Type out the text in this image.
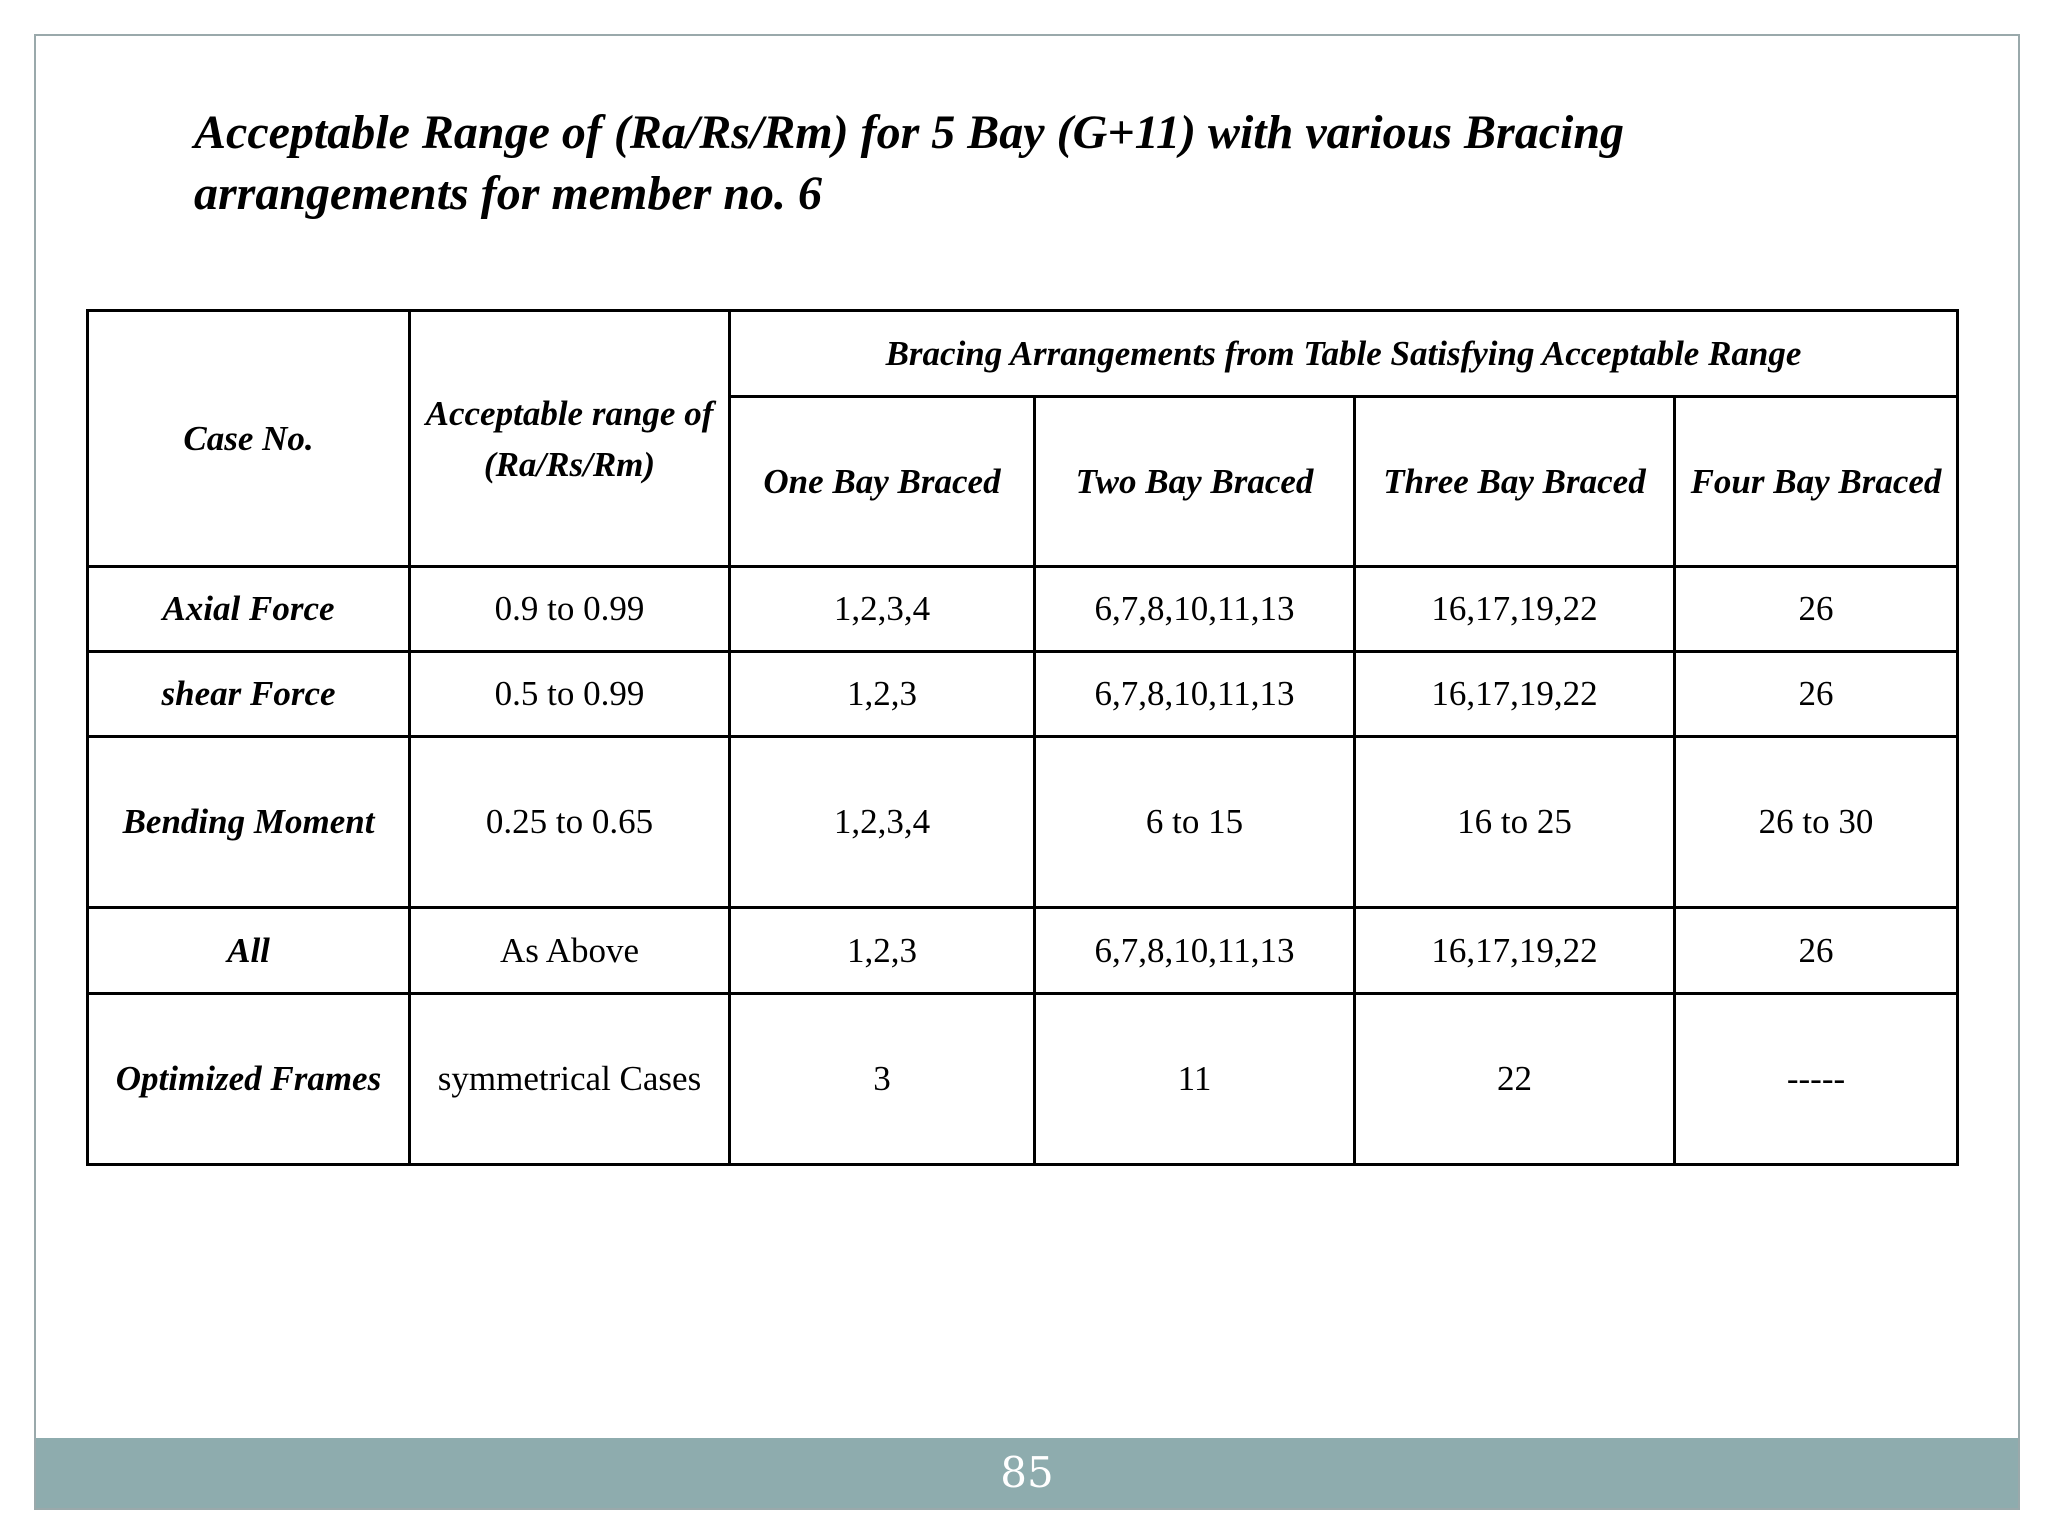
Acceptable Range of (Ra/Rs/Rm) for 5 Bay (G+11) with various Bracing arrangements for member no. 6
Case No.	Acceptable range of (Ra/Rs/Rm)	Bracing Arrangements from Table Satisfying Acceptable Range			
		One Bay Braced	Two Bay Braced	Three Bay Braced	Four Bay Braced
Axial Force	0.9 to 0.99	1,2,3,4	6,7,8,10,11,13	16,17,19,22	26
shear Force	0.5 to 0.99	1,2,3	6,7,8,10,11,13	16,17,19,22	26
Bending Moment	0.25 to 0.65	1,2,3,4	6 to 15	16 to 25	26 to 30
All	As Above	1,2,3	6,7,8,10,11,13	16,17,19,22	26
Optimized Frames	symmetrical Cases	3	11	22	-----
85
